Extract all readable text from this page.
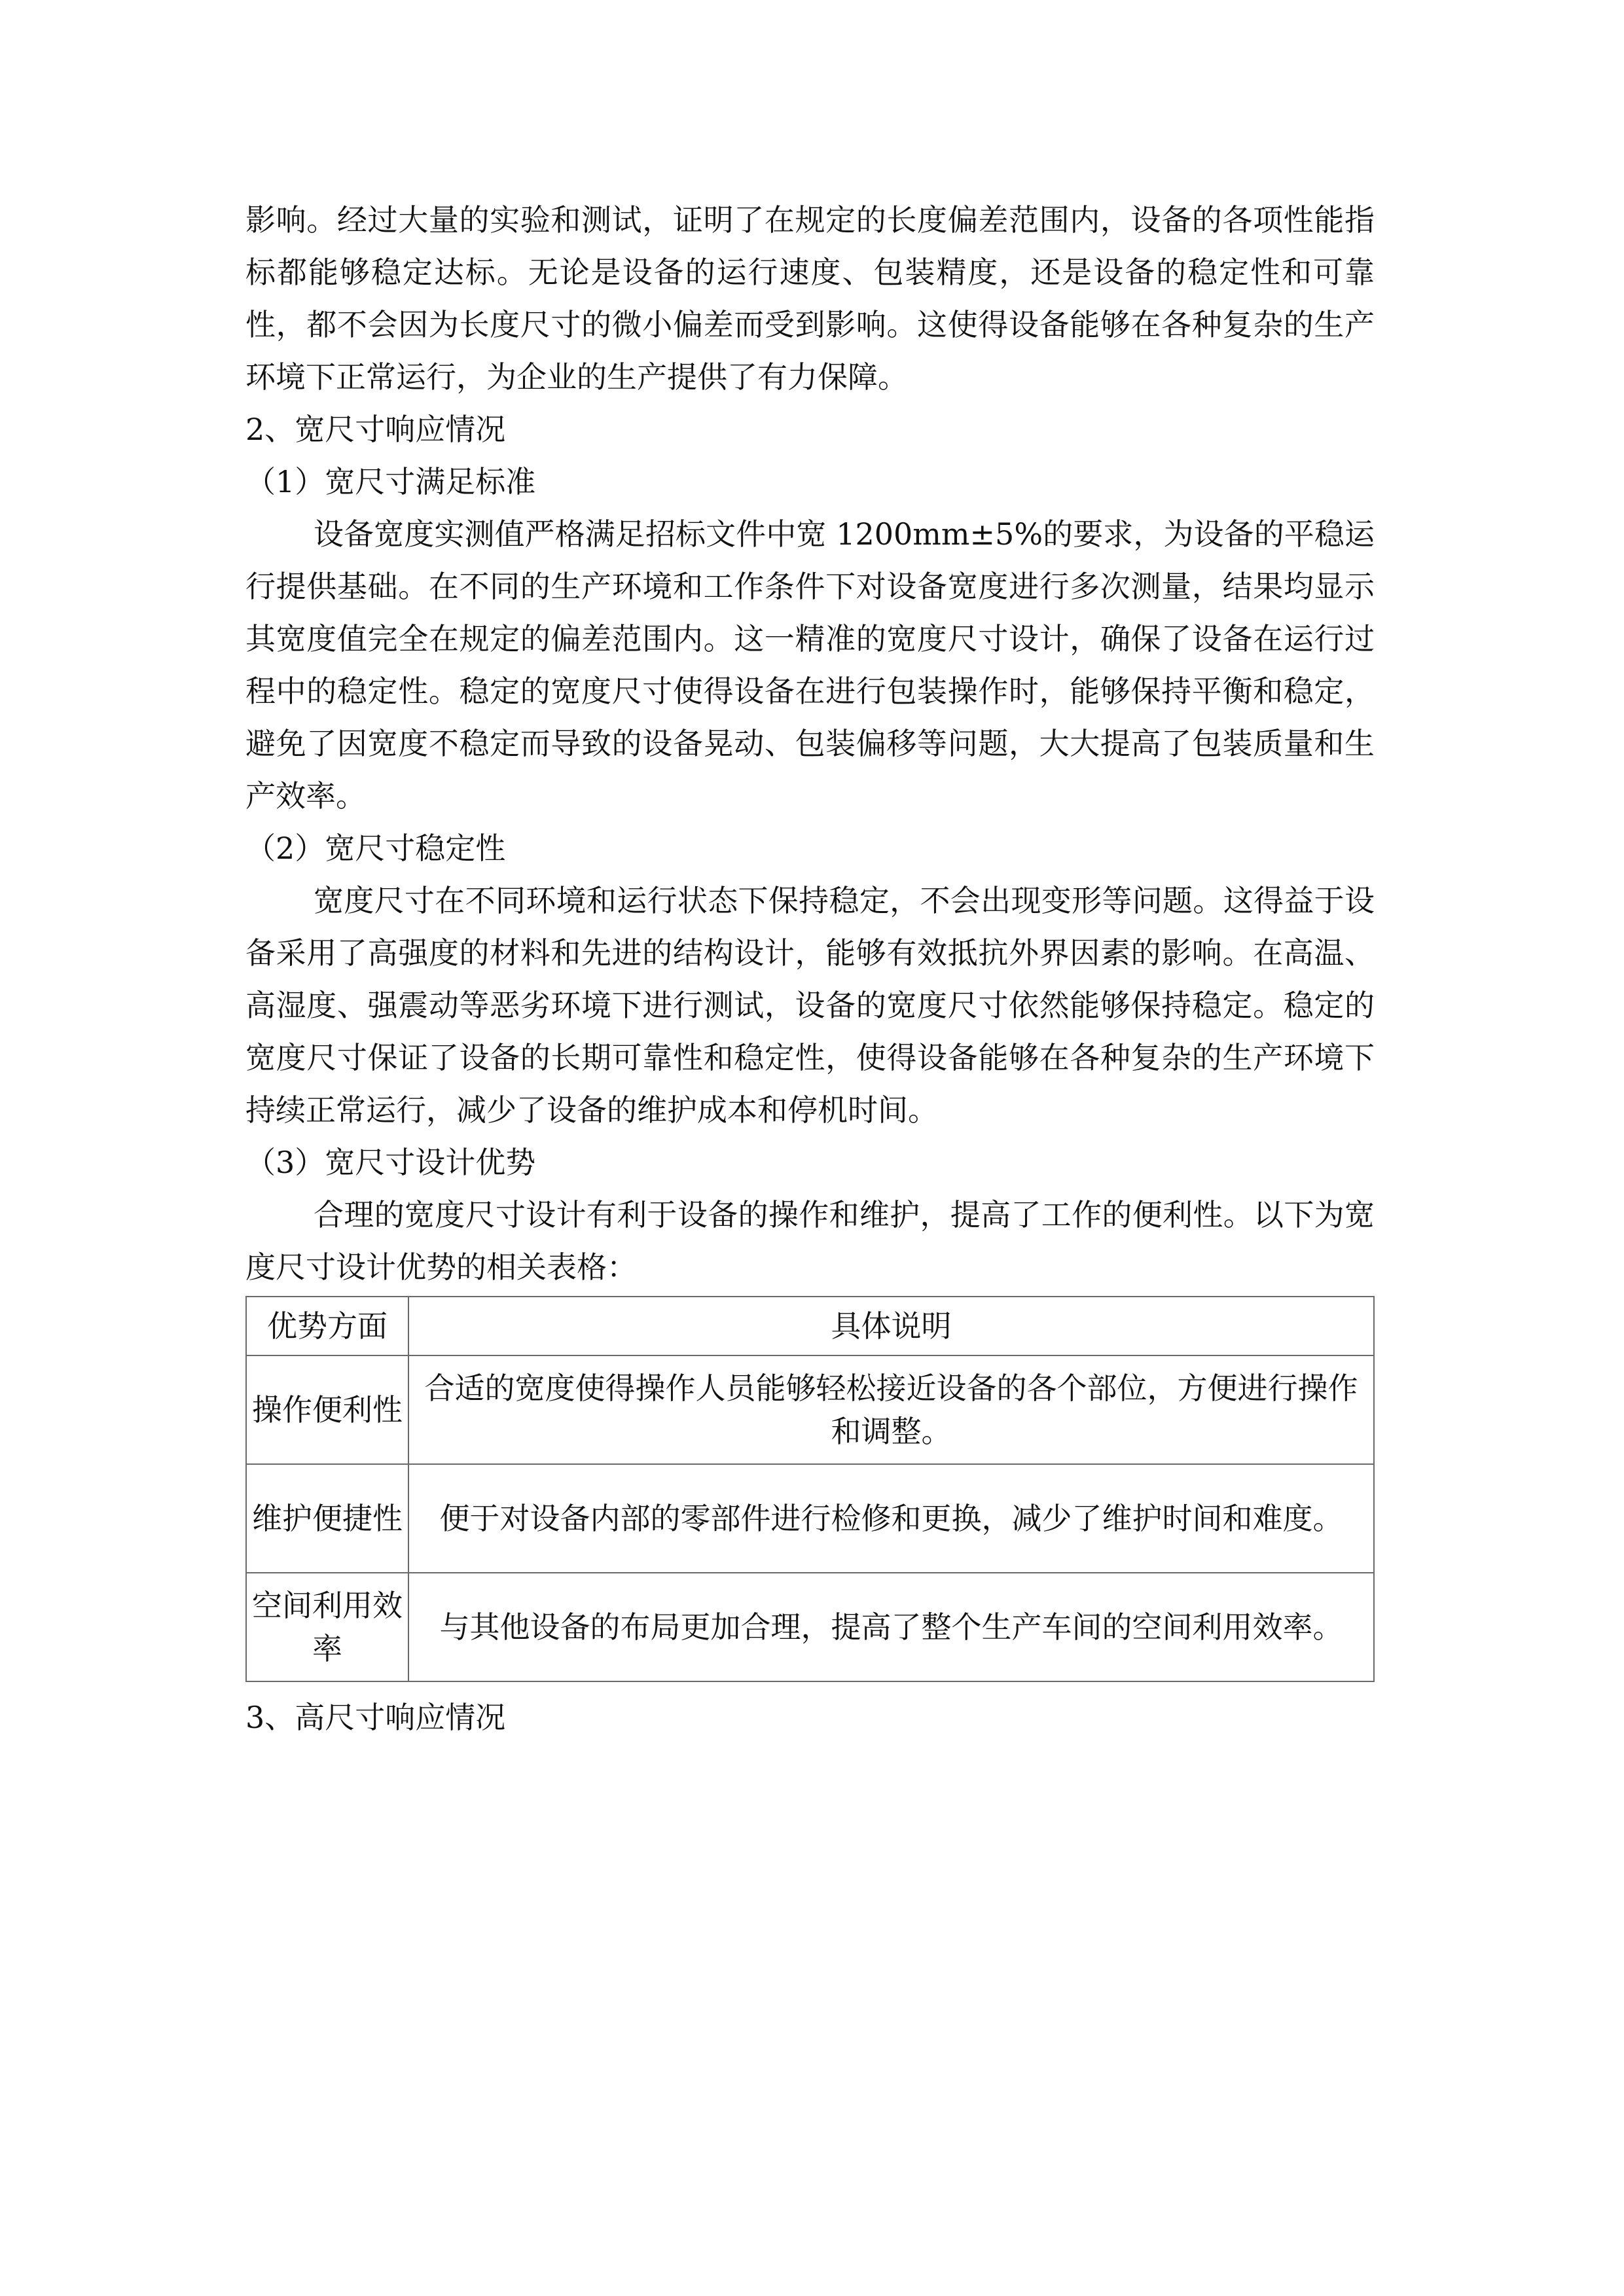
影响。经过大量的实验和测试，证明了在规定的长度偏差范围内，设备的各项性能指标都能够稳定达标。无论是设备的运行速度、包装精度，还是设备的稳定性和可靠性，都不会因为长度尺寸的微小偏差而受到影响。这使得设备能够在各种复杂的生产环境下正常运行，为企业的生产提供了有力保障。

2、宽尺寸响应情况

（1）宽尺寸满足标准

设备宽度实测值严格满足招标文件中宽 1200mm±5%的要求，为设备的平稳运行提供基础。在不同的生产环境和工作条件下对设备宽度进行多次测量，结果均显示其宽度值完全在规定的偏差范围内。这一精准的宽度尺寸设计，确保了设备在运行过程中的稳定性。稳定的宽度尺寸使得设备在进行包装操作时，能够保持平衡和稳定，避免了因宽度不稳定而导致的设备晃动、包装偏移等问题，大大提高了包装质量和生产效率。

（2）宽尺寸稳定性

宽度尺寸在不同环境和运行状态下保持稳定，不会出现变形等问题。这得益于设备采用了高强度的材料和先进的结构设计，能够有效抵抗外界因素的影响。在高温、高湿度、强震动等恶劣环境下进行测试，设备的宽度尺寸依然能够保持稳定。稳定的宽度尺寸保证了设备的长期可靠性和稳定性，使得设备能够在各种复杂的生产环境下持续正常运行，减少了设备的维护成本和停机时间。

（3）宽尺寸设计优势

合理的宽度尺寸设计有利于设备的操作和维护，提高了工作的便利性。以下为宽度尺寸设计优势的相关表格：

优势方面	具体说明
操作便利性	合适的宽度使得操作人员能够轻松接近设备的各个部位，方便进行操作和调整。
维护便捷性	便于对设备内部的零部件进行检修和更换，减少了维护时间和难度。
空间利用效率	与其他设备的布局更加合理，提高了整个生产车间的空间利用效率。

3、高尺寸响应情况
